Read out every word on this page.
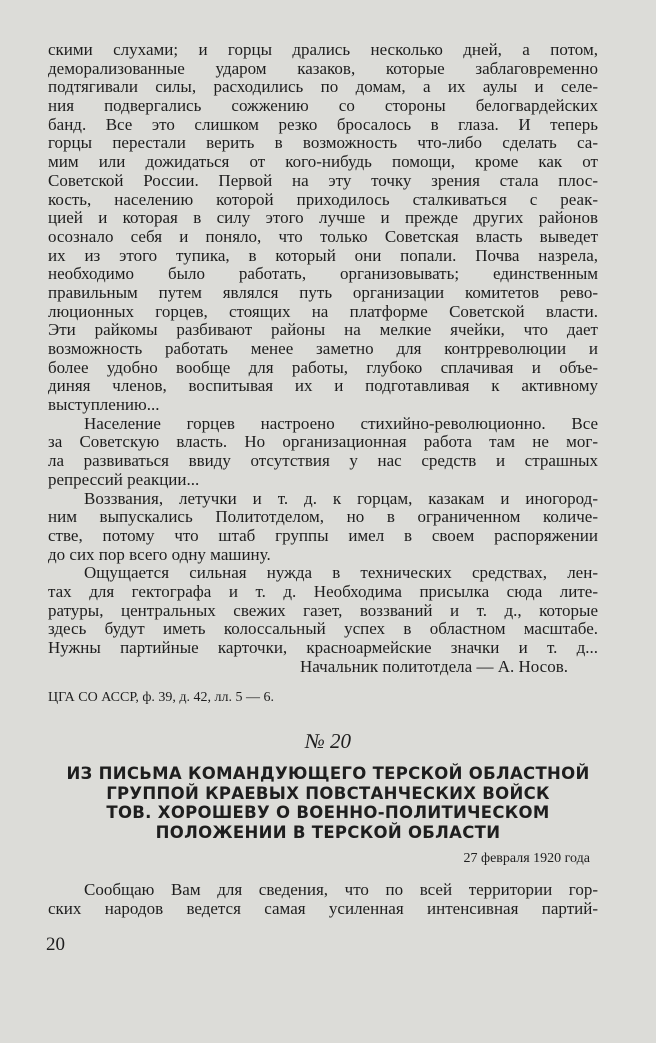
скими слухами; и горцы дрались несколько дней, а потом,
деморализованные ударом казаков, которые заблаговременно
подтягивали силы, расходились по домам, а их аулы и селе-
ния подвергались сожжению со стороны белогвардейских
банд. Все это слишком резко бросалось в глаза. И теперь
горцы перестали верить в возможность что-либо сделать са-
мим или дожидаться от кого-нибудь помощи, кроме как от
Советской России. Первой на эту точку зрения стала плос-
кость, населению которой приходилось сталкиваться с реак-
цией и которая в силу этого лучше и прежде других районов
осознало себя и поняло, что только Советская власть выведет
их из этого тупика, в который они попали. Почва назрела,
необходимо было работать, организовывать; единственным
правильным путем являлся путь организации комитетов рево-
люционных горцев, стоящих на платформе Советской власти.
Эти райкомы разбивают районы на мелкие ячейки, что дает
возможность работать менее заметно для контрреволюции и
более удобно вообще для работы, глубоко сплачивая и объе-
диняя членов, воспитывая их и подготавливая к активному
выступлению...
Население горцев настроено стихийно-революционно. Все
за Советскую власть. Но организационная работа там не мог-
ла развиваться ввиду отсутствия у нас средств и страшных
репрессий реакции...
Воззвания, летучки и т. д. к горцам, казакам и иногород-
ним выпускались Политотделом, но в ограниченном количе-
стве, потому что штаб группы имел в своем распоряжении
до сих пор всего одну машину.
Ощущается сильная нужда в технических средствах, лен-
тах для гектографа и т. д. Необходима присылка сюда лите-
ратуры, центральных свежих газет, воззваний и т. д., которые
здесь будут иметь колоссальный успех в областном масштабе.
Нужны партийные карточки, красноармейские значки и т. д...
Начальник политотдела — А. Носов.
ЦГА СО АССР, ф. 39, д. 42, лл. 5 — 6.
№ 20
ИЗ ПИСЬМА КОМАНДУЮЩЕГО ТЕРСКОЙ ОБЛАСТНОЙ
ГРУППОЙ КРАЕВЫХ ПОВСТАНЧЕСКИХ ВОЙСК
ТОВ. ХОРОШЕВУ О ВОЕННО-ПОЛИТИЧЕСКОМ
ПОЛОЖЕНИИ В ТЕРСКОЙ ОБЛАСТИ
27 февраля 1920 года
Сообщаю Вам для сведения, что по всей территории гор-
ских народов ведется самая усиленная интенсивная партий-
20
